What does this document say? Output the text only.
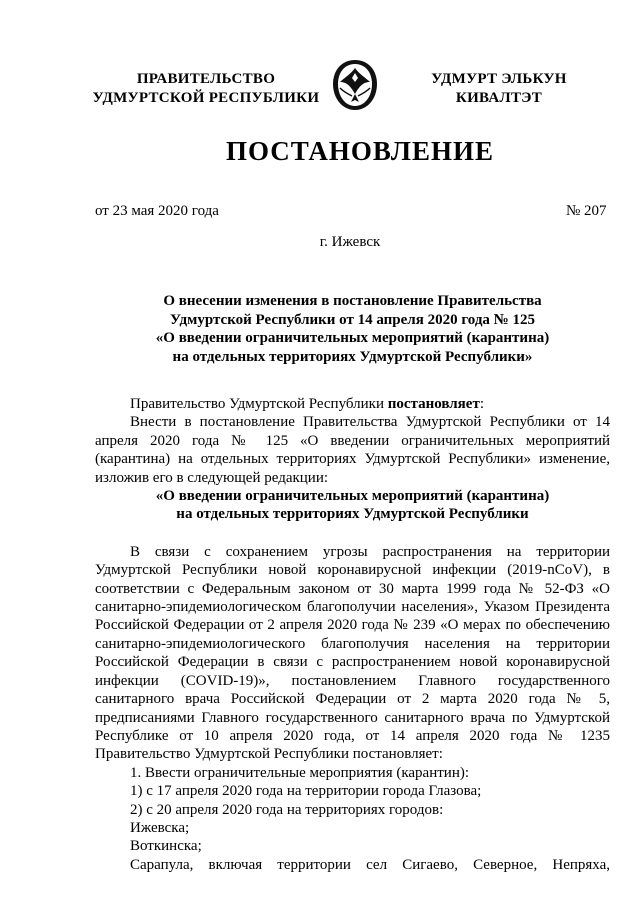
ПРАВИТЕЛЬСТВО
УДМУРТСКОЙ РЕСПУБЛИКИ
УДМУРТ ЭЛЬКУН
КИВАЛТЭТ
ПОСТАНОВЛЕНИЕ
от 23 мая 2020 года	№ 207
г. Ижевск
О внесении изменения в постановление Правительства
Удмуртской Республики от 14 апреля 2020 года № 125
«О введении ограничительных мероприятий (карантина)
на отдельных территориях Удмуртской Республики»

Правительство Удмуртской Республики постановляет:

Внести в постановление Правительства Удмуртской Республики от 14 апреля 2020 года № 125 «О введении ограничительных мероприятий (карантина) на отдельных территориях Удмуртской Республики» изменение, изложив его в следующей редакции:

«О введении ограничительных мероприятий (карантина)
на отдельных территориях Удмуртской Республики

В связи с сохранением угрозы распространения на территории Удмуртской Республики новой коронавирусной инфекции (2019-nCoV), в соответствии с Федеральным законом от 30 марта 1999 года № 52-ФЗ «О санитарно-эпидемиологическом благополучии населения», Указом Президента Российской Федерации от 2 апреля 2020 года № 239 «О мерах по обеспечению санитарно-эпидемиологического благополучия населения на территории Российской Федерации в связи с распространением новой коронавирусной инфекции (COVID-19)», постановлением Главного государственного санитарного врача Российской Федерации от 2 марта 2020 года № 5, предписаниями Главного государственного санитарного врача по Удмуртской Республике от 10 апреля 2020 года, от 14 апреля 2020 года № 1235 Правительство Удмуртской Республики постановляет:

1. Ввести ограничительные мероприятия (карантин):

1) с 17 апреля 2020 года на территории города Глазова;

2) с 20 апреля 2020 года на территориях городов:

Ижевска;

Воткинска;

Сарапула, включая территории сел Сигаево, Северное, Непряха,
